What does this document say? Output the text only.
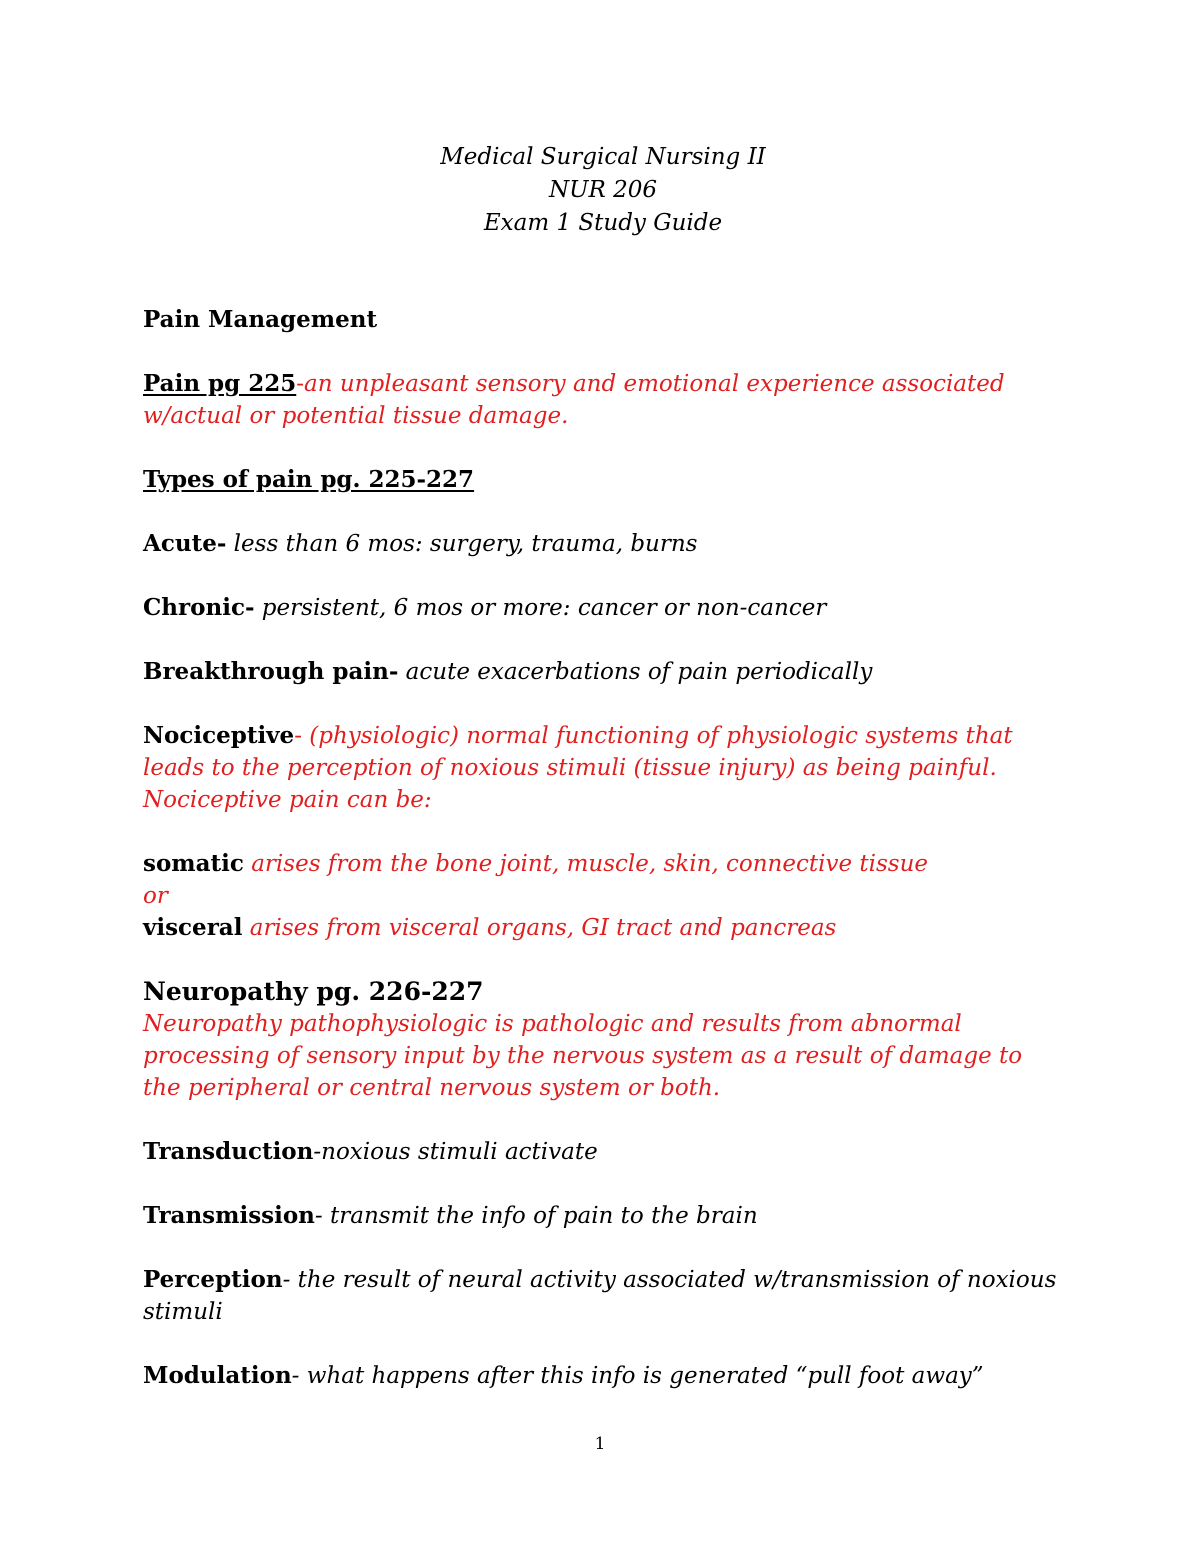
Medical Surgical Nursing II
NUR 206
Exam 1 Study Guide

Pain Management

Pain pg 225-an unpleasant sensory and emotional experience associated w/actual or potential tissue damage.

Types of pain pg. 225-227

Acute- less than 6 mos: surgery, trauma, burns

Chronic- persistent, 6 mos or more: cancer or non-cancer

Breakthrough pain- acute exacerbations of pain periodically

Nociceptive- (physiologic) normal functioning of physiologic systems that leads to the perception of noxious stimuli (tissue injury) as being painful. Nociceptive pain can be:

somatic arises from the bone joint, muscle, skin, connective tissue

or

visceral arises from visceral organs, GI tract and pancreas

Neuropathy pg. 226-227

Neuropathy pathophysiologic is pathologic and results from abnormal processing of sensory input by the nervous system as a result of damage to the peripheral or central nervous system or both.

Transduction-noxious stimuli activate

Transmission- transmit the info of pain to the brain

Perception- the result of neural activity associated w/transmission of noxious stimuli

Modulation- what happens after this info is generated “pull foot away”

1
